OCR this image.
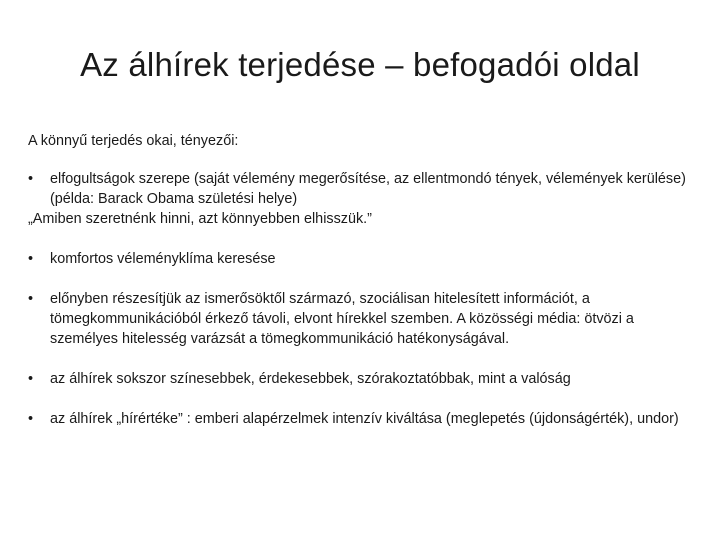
Az álhírek terjedése – befogadói oldal
A könnyű terjedés okai, tényezői:
•	elfogultságok szerepe (saját vélemény megerősítése, az ellentmondó tények, vélemények kerülése) (példa: Barack Obama születési helye)
„Amiben szeretnénk hinni, azt könnyebben elhisszük.”
•	komfortos véleményklíma keresése
•	előnyben részesítjük az ismerősöktől származó, szociálisan hitelesített információt, a tömegkommunikációból érkező távoli, elvont hírekkel szemben. A közösségi média: ötvözi a személyes hitelesség varázsát a tömegkommunikáció hatékonyságával.
•	az álhírek sokszor színesebbek, érdekesebbek, szórakoztatóbbak, mint a valóság
•	az álhírek „hírértéke” : emberi alapérzelmek intenzív kiváltása (meglepetés (újdonságérték), undor)
